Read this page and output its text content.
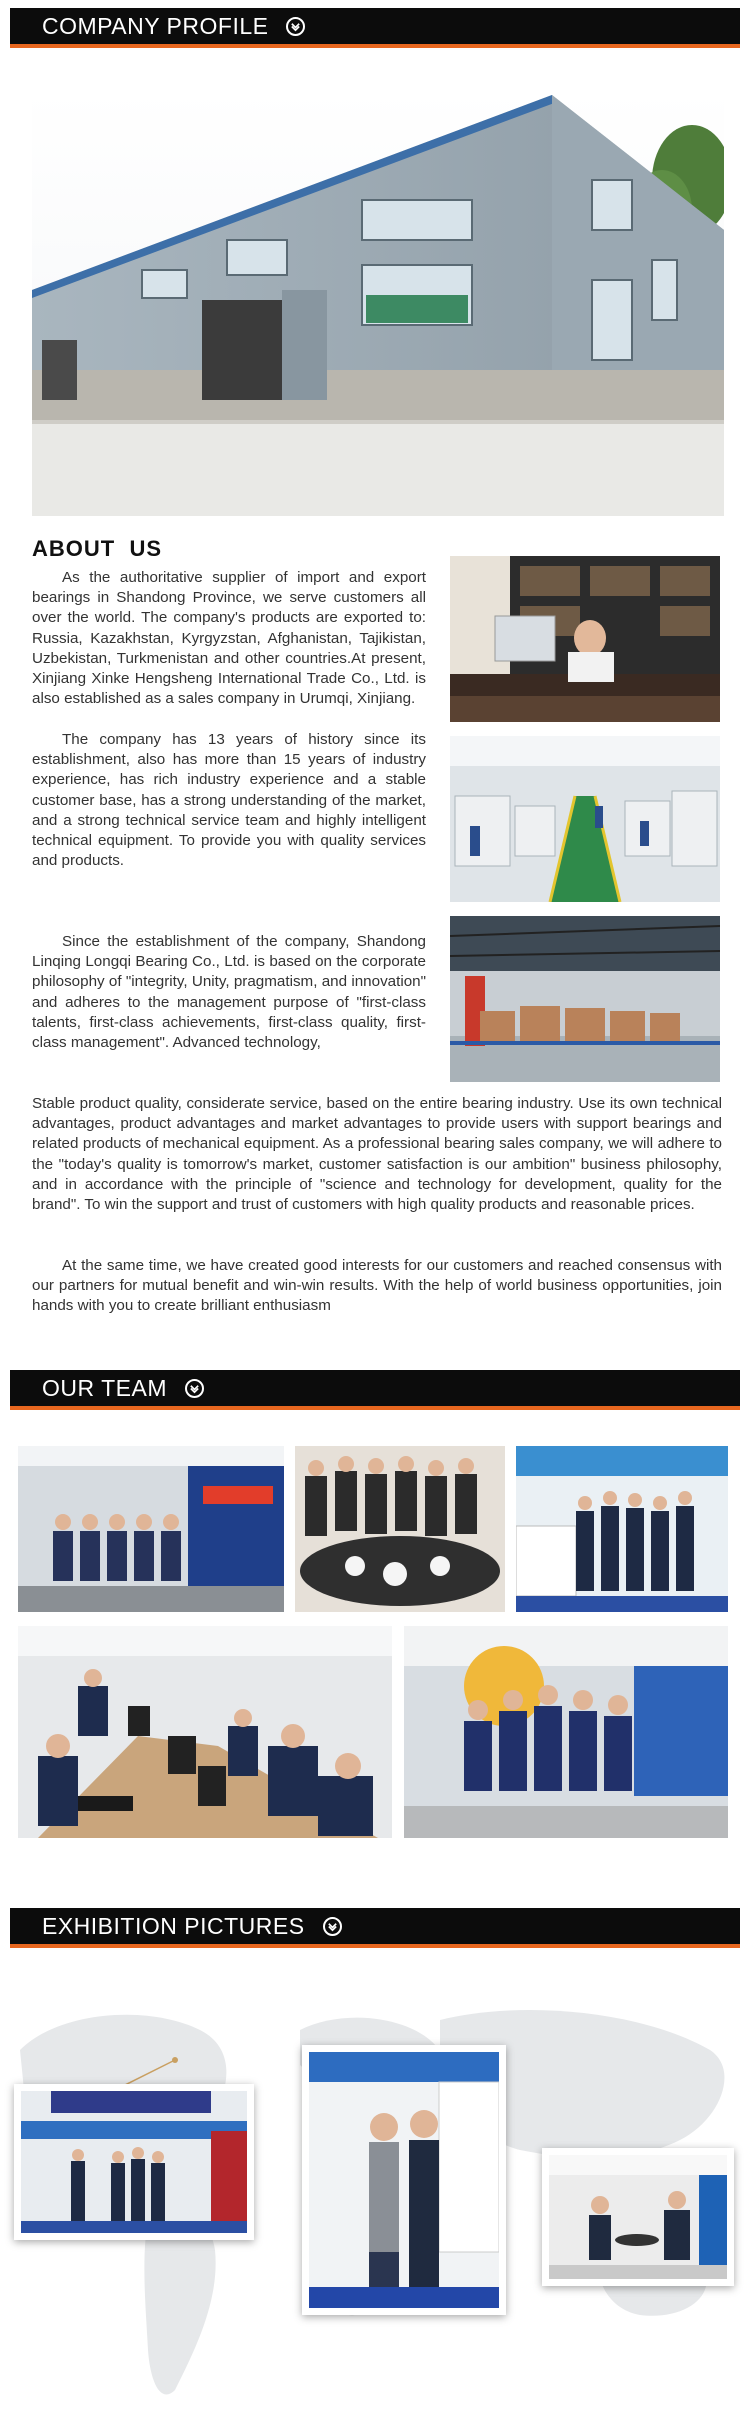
COMPANY PROFILE
ABOUT  US

As the authoritative supplier of import and export bearings in Shandong Province, we serve customers all over the world. The company's products are exported to: Russia, Kazakhstan, Kyrgyzstan, Afghanistan, Tajikistan, Uzbekistan, Turkmenistan and other countries.At present, Xinjiang Xinke Hengsheng International Trade Co., Ltd. is also established as a sales company in Urumqi, Xinjiang.

The company has 13 years of history since its establishment, also has more than 15 years of industry experience, has rich industry experience and a stable customer base, has a strong understanding of the market, and a strong technical service team and highly intelligent technical equipment. To provide you with quality services and products.

Since the establishment of the company, Shandong Linqing Longqi Bearing Co., Ltd. is based on the corporate philosophy of "integrity, Unity, pragmatism, and innovation" and adheres to the management purpose of "first-class talents, first-class achievements, first-class quality, first-class management". Advanced technology,

Stable product quality, considerate service, based on the entire bearing industry. Use its own technical advantages, product advantages and market advantages to provide users with support bearings and related products of mechanical equipment. As a professional bearing sales company, we will adhere to the "today's quality is tomorrow's market, customer satisfaction is our ambition" business philosophy, and in accordance with the principle of "science and technology for development, quality for the brand". To win the support and trust of customers with high quality products and reasonable prices.

At the same time, we have created good interests for our customers and reached consensus with our partners for mutual benefit and win-win results. With the help of world business opportunities, join hands with you to create brilliant enthusiasm

OUR TEAM
EXHIBITION PICTURES
